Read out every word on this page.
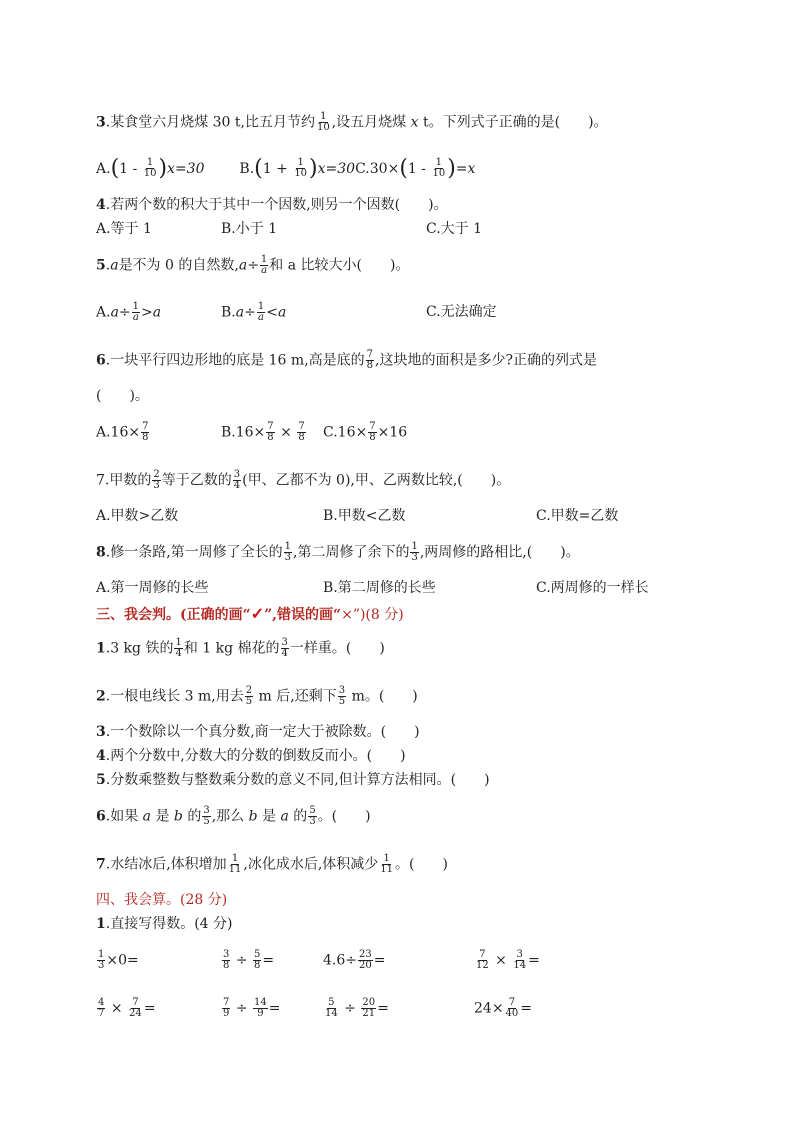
3.某食堂六月烧煤 30 t,比五月节约 $\frac{1}{10}$ ,设五月烧煤 x t。下列式子正确的是(　　)。
$A.(1 - \frac{1}{10} )x=30$ $B.(1 + \frac{1}{10} )x=30C.30\times(1 - \frac{1}{10} )=x$
4.若两个数的积大于其中一个因数,则另一个因数(　　)。
A.等于 1	B.小于 1	C.大于 1
5.a是不为 0 的自然数$,a\div \frac{1}{a}$ 和 a 比较大小(　　)。
$A.a\div \frac{1}{a} >a$	$B.a\div \frac{1}{a} <a$	C.无法确定
6.一块平行四边形地的底是 16 m,高是底的 $\frac{7}{8}$ ,这块地的面积是多少?正确的列式是
(　　)。
$A.16\times \frac{7}{8}$	$B.16\times \frac{7}{8} \times \frac{7}{8} C.16\times \frac{7}{8} \times 16$
7.甲数的 $\frac{2}{3}$ 等于乙数的 $\frac{3}{4}$ (甲、乙都不为 0),甲、乙两数比较,(　　)。
A.甲数>乙数	B.甲数<乙数	C.甲数=乙数
8.修一条路,第一周修了全长的 $\frac{1}{3}$ ,第二周修了余下的 $\frac{1}{3}$ ,两周修的路相比,(　　)。
A.第一周修的长些	B.第二周修的长些	C.两周修的一样长
三、我会判。(正确的画“✓”,错误的画“×”)(8 分)
1.3 kg 铁的 $\frac{1}{4}$ 和 1 kg 棉花的 $\frac{3}{4}$ 一样重。(　　)
2.一根电线长 3 m,用去 $\frac{2}{5}$ m 后,还剩下 $\frac{3}{5}$ m。(　　)
3.一个数除以一个真分数,商一定大于被除数。(　　)
4.两个分数中,分数大的分数的倒数反而小。(　　)
5.分数乘整数与整数乘分数的意义不同,但计算方法相同。(　　)
6.如果 a 是 b 的 $\frac{3}{5}$ ,那么 b 是 a 的 $\frac{5}{3}$ 。(　　)
7.水结冰后,体积增加 $\frac{1}{11}$ ,冰化成水后,体积减少 $\frac{1}{11}$ 。(　　)
四、我会算。(28 分)
1.直接写得数。(4 分)
$\frac{1}{3} \times 0=$	$\frac{3}{8} \div \frac{5}{8}$ =	$4.6\div \frac{23}{20}$ =	$\frac{7}{12} \times \frac{3}{14}$ =
$\frac{4}{7} \times \frac{7}{24}$ =	$\frac{7}{9} \div \frac{14}{9}$ =	$\frac{5}{14} \div \frac{20}{21}$ =	$24\times \frac{7}{40}$ =
